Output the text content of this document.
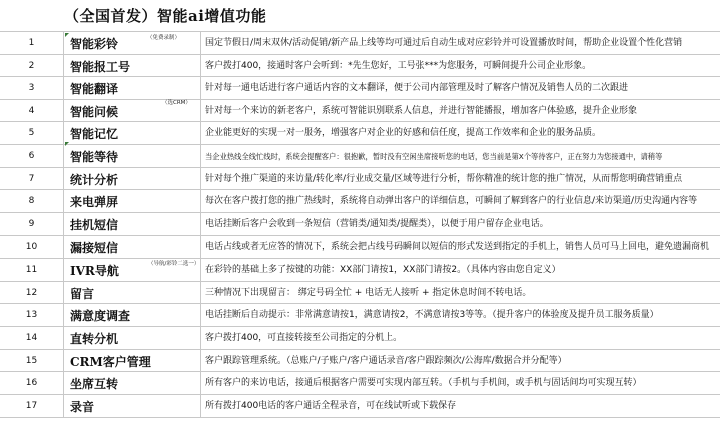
（全国首发）智能ai增值功能
1	智能彩铃	国定节假日/周末双休/活动促销/新产品上线等均可通过后自动生成对应彩铃并可设置播放时间，帮助企业设置个性化营销
2	智能报工号	客户拨打400，接通时客户会听到：*先生您好，工号张***为您服务，可瞬间提升公司企业形象。
3	智能翻译	针对每一通电话进行客户通话内容的文本翻译，便于公司内部管理及时了解客户情况及销售人员的二次跟进
4	智能问候	针对每一个来访的新老客户，系统可智能识别联系人信息，并进行智能播报，增加客户体验感，提升企业形象
5	智能记忆	企业能更好的实现一对一服务，增强客户对企业的好感和信任度，提高工作效率和企业的服务品质。
6	智能等待	当企业热线全线忙线时，系统会提醒客户：很抱歉，暂时没有空闲坐席接听您的电话，您当前是第X个等待客户，正在努力为您接通中，请稍等
7	统计分析	针对每个推广渠道的来访量/转化率/行业成交量/区域等进行分析，帮你精准的统计您的推广情况，从而帮您明确营销重点
8	来电弹屏	每次在客户拨打您的推广热线时，系统将自动弹出客户的详细信息，可瞬间了解到客户的行业信息/来访渠道/历史沟通内容等
9	挂机短信	电话挂断后客户会收到一条短信（营销类/通知类/提醒类），以便于用户留存企业电话。
10	漏接短信	电话占线或者无应答的情况下，系统会把占线号码瞬间以短信的形式发送到指定的手机上，销售人员可马上回电，避免遗漏商机
11	IVR导航	在彩铃的基础上多了按键的功能：XX部门请按1，XX部门请按2。（具体内容由您自定义）
12	留言	三种情况下出现留言： 绑定号码全忙 + 电话无人接听 + 指定休息时间不转电话。
13	满意度调查	电话挂断后自动提示：非常满意请按1，满意请按2，不满意请按3等等。（提升客户的体验度及提升员工服务质量）
14	直转分机	客户拨打400，可直接转接至公司指定的分机上。
15	CRM客户管理	客户跟踪管理系统。（总账户/子账户/客户通话录音/客户跟踪频次/公海库/数据合并分配等）
16	坐席互转	所有客户的来访电话，接通后根据客户需要可实现内部互转。（手机与手机间，或手机与固话间均可实现互转）
17	录音	所有拨打400电话的客户通话全程录音，可在线试听或下载保存
（免费录制）
（选CRM）
（导航/彩铃二选一）
